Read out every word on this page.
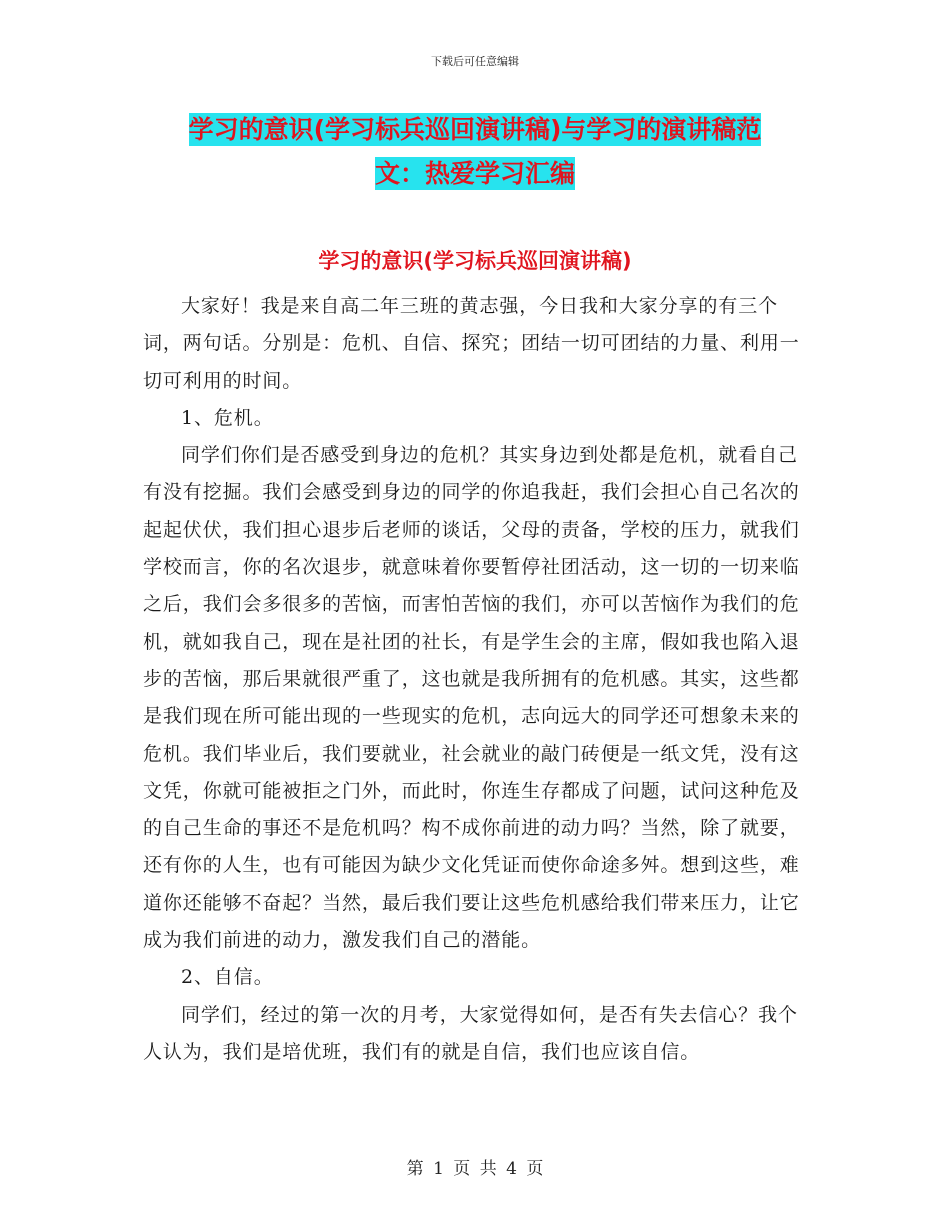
下载后可任意编辑
学习的意识(学习标兵巡回演讲稿)与学习的演讲稿范
文：热爱学习汇编
学习的意识(学习标兵巡回演讲稿)

大家好！我是来自高二年三班的黄志强，今日我和大家分享的有三个词，两句话。分别是：危机、自信、探究；团结一切可团结的力量、利用一切可利用的时间。

1、危机。

同学们你们是否感受到身边的危机？其实身边到处都是危机，就看自己有没有挖掘。我们会感受到身边的同学的你追我赶，我们会担心自己名次的起起伏伏，我们担心退步后老师的谈话，父母的责备，学校的压力，就我们学校而言，你的名次退步，就意味着你要暂停社团活动，这一切的一切来临之后，我们会多很多的苦恼，而害怕苦恼的我们，亦可以苦恼作为我们的危机，就如我自己，现在是社团的社长，有是学生会的主席，假如我也陷入退步的苦恼，那后果就很严重了，这也就是我所拥有的危机感。其实，这些都是我们现在所可能出现的一些现实的危机，志向远大的同学还可想象未来的危机。我们毕业后，我们要就业，社会就业的敲门砖便是一纸文凭，没有这文凭，你就可能被拒之门外，而此时，你连生存都成了问题，试问这种危及的自己生命的事还不是危机吗？构不成你前进的动力吗？当然，除了就要，还有你的人生，也有可能因为缺少文化凭证而使你命途多舛。想到这些，难道你还能够不奋起？当然，最后我们要让这些危机感给我们带来压力，让它成为我们前进的动力，激发我们自己的潜能。

2、自信。

同学们，经过的第一次的月考，大家觉得如何，是否有失去信心？我个人认为，我们是培优班，我们有的就是自信，我们也应该自信。

第 1 页 共 4 页
